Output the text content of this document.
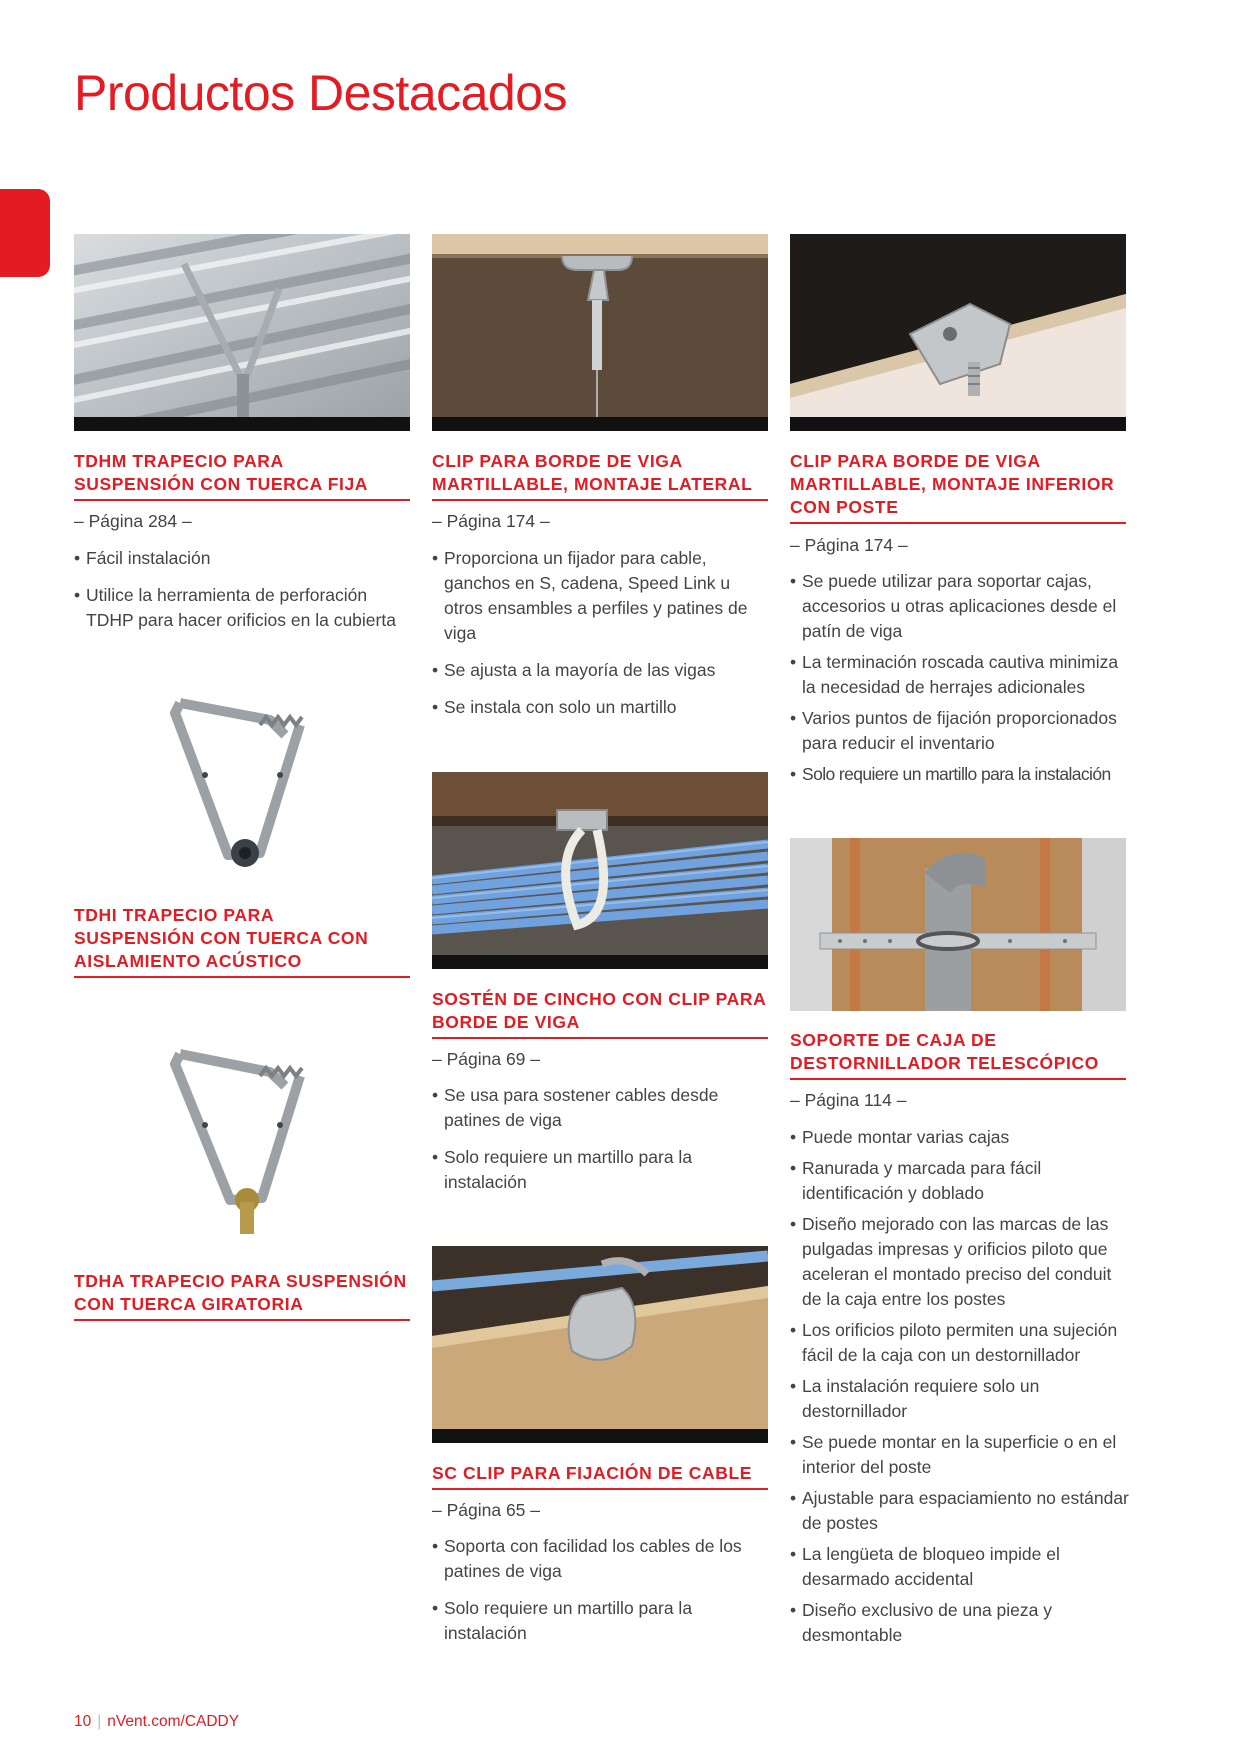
Productos Destacados
TDHM TRAPECIO PARA
SUSPENSIÓN CON TUERCA FIJA
– Página 284 –
• Fácil instalación
• Utilice la herramienta de perforación TDHP para hacer orificios en la cubierta
TDHI TRAPECIO PARA
SUSPENSIÓN CON TUERCA CON
AISLAMIENTO ACÚSTICO
TDHA TRAPECIO PARA SUSPENSIÓN
CON TUERCA GIRATORIA
CLIP PARA BORDE DE VIGA
MARTILLABLE, MONTAJE LATERAL
– Página 174 –
• Proporciona un fijador para cable, ganchos en S, cadena, Speed Link u otros ensambles a perfiles y patines de viga
• Se ajusta a la mayoría de las vigas
• Se instala con solo un martillo
SOSTÉN DE CINCHO CON CLIP PARA
BORDE DE VIGA
– Página 69 –
• Se usa para sostener cables desde patines de viga
• Solo requiere un martillo para la instalación
SC CLIP PARA FIJACIÓN DE CABLE
– Página 65 –
• Soporta con facilidad los cables de los patines de viga
• Solo requiere un martillo para la instalación
CLIP PARA BORDE DE VIGA
MARTILLABLE, MONTAJE INFERIOR
CON POSTE
– Página 174 –
• Se puede utilizar para soportar cajas, accesorios u otras aplicaciones desde el patín de viga
• La terminación roscada cautiva minimiza la necesidad de herrajes adicionales
• Varios puntos de fijación proporcionados para reducir el inventario
• Solo requiere un martillo para la instalación
SOPORTE DE CAJA DE
DESTORNILLADOR TELESCÓPICO
– Página 114 –
• Puede montar varias cajas
• Ranurada y marcada para fácil identificación y doblado
• Diseño mejorado con las marcas de las pulgadas impresas y orificios piloto que aceleran el montado preciso del conduit de la caja entre los postes
• Los orificios piloto permiten una sujeción fácil de la caja con un destornillador
• La instalación requiere solo un destornillador
• Se puede montar en la superficie o en el interior del poste
• Ajustable para espaciamiento no estándar de postes
• La lengüeta de bloqueo impide el desarmado accidental
• Diseño exclusivo de una pieza y desmontable
10 | nVent.com/CADDY
